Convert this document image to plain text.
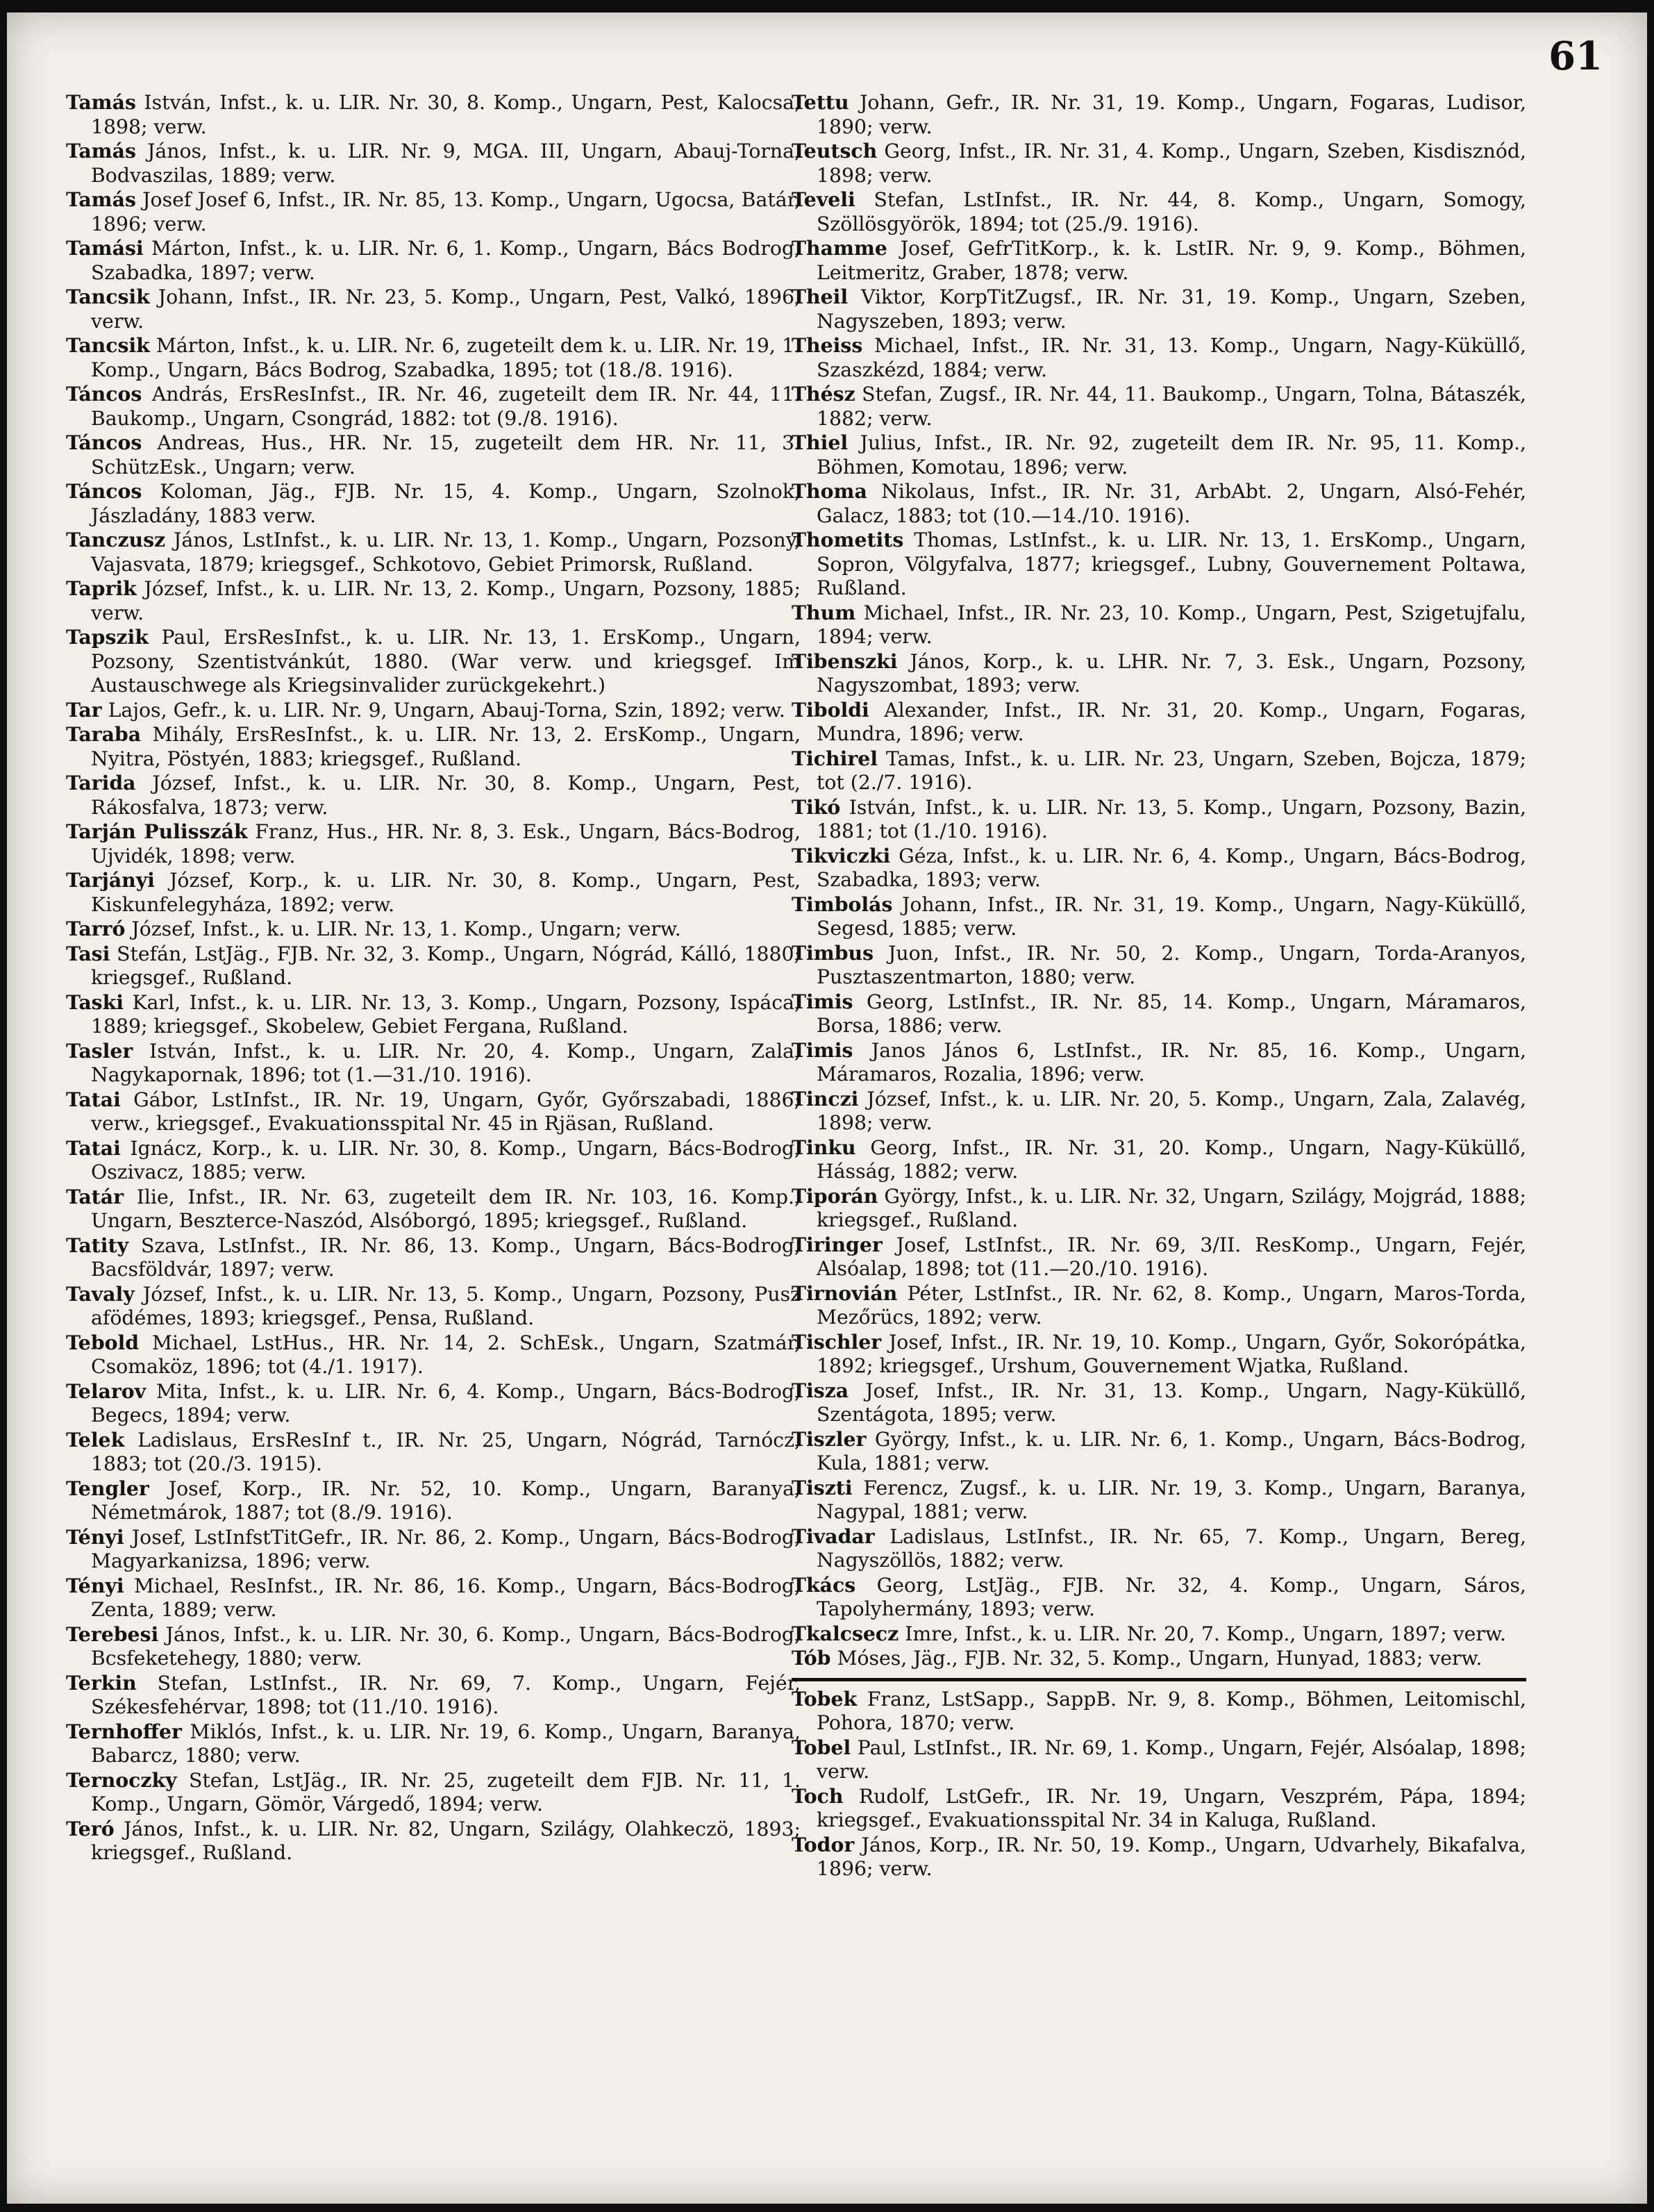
61

Tamás István, Infst., k. u. LIR. Nr. 30, 8. Komp., Ungarn, Pest, Kalocsa, 1898; verw.

Tamás János, Infst., k. u. LIR. Nr. 9, MGA. III, Ungarn, Abauj-Torna, Bodvaszilas, 1889; verw.

Tamás Josef Josef 6, Infst., IR. Nr. 85, 13. Komp., Ungarn, Ugocsa, Batár, 1896; verw.

Tamási Márton, Infst., k. u. LIR. Nr. 6, 1. Komp., Ungarn, Bács Bodrog, Szabadka, 1897; verw.

Tancsik Johann, Infst., IR. Nr. 23, 5. Komp., Ungarn, Pest, Valkó, 1896, verw.

Tancsik Márton, Infst., k. u. LIR. Nr. 6, zugeteilt dem k. u. LIR. Nr. 19, 1. Komp., Ungarn, Bács Bodrog, Szabadka, 1895; tot (18./8. 1916).

Táncos András, ErsResInfst., IR. Nr. 46, zugeteilt dem IR. Nr. 44, 11. Baukomp., Ungarn, Csongrád, 1882: tot (9./8. 1916).

Táncos Andreas, Hus., HR. Nr. 15, zugeteilt dem HR. Nr. 11, 3. SchützEsk., Ungarn; verw.

Táncos Koloman, Jäg., FJB. Nr. 15, 4. Komp., Ungarn, Szolnok, Jászladány, 1883 verw.

Tanczusz János, LstInfst., k. u. LIR. Nr. 13, 1. Komp., Ungarn, Pozsony, Vajasvata, 1879; kriegsgef., Schkotovo, Gebiet Primorsk, Rußland.

Taprik József, Infst., k. u. LIR. Nr. 13, 2. Komp., Ungarn, Pozsony, 1885; verw.

Tapszik Paul, ErsResInfst., k. u. LIR. Nr. 13, 1. ErsKomp., Ungarn, Pozsony, Szentistvánkút, 1880. (War verw. und kriegsgef. Im Austauschwege als Kriegsinvalider zurückgekehrt.)

Tar Lajos, Gefr., k. u. LIR. Nr. 9, Ungarn, Abauj-Torna, Szin, 1892; verw.

Taraba Mihály, ErsResInfst., k. u. LIR. Nr. 13, 2. ErsKomp., Ungarn, Nyitra, Pöstyén, 1883; kriegsgef., Rußland.

Tarida József, Infst., k. u. LIR. Nr. 30, 8. Komp., Ungarn, Pest, Rákosfalva, 1873; verw.

Tarján Pulisszák Franz, Hus., HR. Nr. 8, 3. Esk., Ungarn, Bács-Bodrog, Ujvidék, 1898; verw.

Tarjányi József, Korp., k. u. LIR. Nr. 30, 8. Komp., Ungarn, Pest, Kiskunfelegyháza, 1892; verw.

Tarró József, Infst., k. u. LIR. Nr. 13, 1. Komp., Ungarn; verw.

Tasi Stefán, LstJäg., FJB. Nr. 32, 3. Komp., Ungarn, Nógrád, Kálló, 1880; kriegsgef., Rußland.

Taski Karl, Infst., k. u. LIR. Nr. 13, 3. Komp., Ungarn, Pozsony, Ispáca, 1889; kriegsgef., Skobelew, Gebiet Fergana, Rußland.

Tasler István, Infst., k. u. LIR. Nr. 20, 4. Komp., Ungarn, Zala, Nagykapornak, 1896; tot (1.—31./10. 1916).

Tatai Gábor, LstInfst., IR. Nr. 19, Ungarn, Győr, Győrszabadi, 1886; verw., kriegsgef., Evakuationsspital Nr. 45 in Rjäsan, Rußland.

Tatai Ignácz, Korp., k. u. LIR. Nr. 30, 8. Komp., Ungarn, Bács-Bodrog, Oszivacz, 1885; verw.

Tatár Ilie, Infst., IR. Nr. 63, zugeteilt dem IR. Nr. 103, 16. Komp., Ungarn, Beszterce-Naszód, Alsóborgó, 1895; kriegsgef., Rußland.

Tatity Szava, LstInfst., IR. Nr. 86, 13. Komp., Ungarn, Bács-Bodrog, Bacsföldvár, 1897; verw.

Tavaly József, Infst., k. u. LIR. Nr. 13, 5. Komp., Ungarn, Pozsony, Pusz afödémes, 1893; kriegsgef., Pensa, Rußland.

Tebold Michael, LstHus., HR. Nr. 14, 2. SchEsk., Ungarn, Szatmár, Csomaköz, 1896; tot (4./1. 1917).

Telarov Mita, Infst., k. u. LIR. Nr. 6, 4. Komp., Ungarn, Bács-Bodrog, Begecs, 1894; verw.

Telek Ladislaus, ErsResInf t., IR. Nr. 25, Ungarn, Nógrád, Tarnócz, 1883; tot (20./3. 1915).

Tengler Josef, Korp., IR. Nr. 52, 10. Komp., Ungarn, Baranya, Németmárok, 1887; tot (8./9. 1916).

Tényi Josef, LstInfstTitGefr., IR. Nr. 86, 2. Komp., Ungarn, Bács-Bodrog, Magyarkanizsa, 1896; verw.

Tényi Michael, ResInfst., IR. Nr. 86, 16. Komp., Ungarn, Bács-Bodrog, Zenta, 1889; verw.

Terebesi János, Infst., k. u. LIR. Nr. 30, 6. Komp., Ungarn, Bács-Bodrog, Bcsfeketehegy, 1880; verw.

Terkin Stefan, LstInfst., IR. Nr. 69, 7. Komp., Ungarn, Fejér, Székesfehérvar, 1898; tot (11./10. 1916).

Ternhoffer Miklós, Infst., k. u. LIR. Nr. 19, 6. Komp., Ungarn, Baranya, Babarcz, 1880; verw.

Ternoczky Stefan, LstJäg., IR. Nr. 25, zugeteilt dem FJB. Nr. 11, 1. Komp., Ungarn, Gömör, Várgedő, 1894; verw.

Teró János, Infst., k. u. LIR. Nr. 82, Ungarn, Szilágy, Olahkeczö, 1893; kriegsgef., Rußland.

Tettu Johann, Gefr., IR. Nr. 31, 19. Komp., Ungarn, Fogaras, Ludisor, 1890; verw.

Teutsch Georg, Infst., IR. Nr. 31, 4. Komp., Ungarn, Szeben, Kisdisznód, 1898; verw.

Teveli Stefan, LstInfst., IR. Nr. 44, 8. Komp., Ungarn, Somogy, Szöllösgyörök, 1894; tot (25./9. 1916).

Thamme Josef, GefrTitKorp., k. k. LstIR. Nr. 9, 9. Komp., Böhmen, Leitmeritz, Graber, 1878; verw.

Theil Viktor, KorpTitZugsf., IR. Nr. 31, 19. Komp., Ungarn, Szeben, Nagyszeben, 1893; verw.

Theiss Michael, Infst., IR. Nr. 31, 13. Komp., Ungarn, Nagy-Küküllő, Szaszkézd, 1884; verw.

Thész Stefan, Zugsf., IR. Nr. 44, 11. Baukomp., Ungarn, Tolna, Bátaszék, 1882; verw.

Thiel Julius, Infst., IR. Nr. 92, zugeteilt dem IR. Nr. 95, 11. Komp., Böhmen, Komotau, 1896; verw.

Thoma Nikolaus, Infst., IR. Nr. 31, ArbAbt. 2, Ungarn, Alsó-Fehér, Galacz, 1883; tot (10.—14./10. 1916).

Thometits Thomas, LstInfst., k. u. LIR. Nr. 13, 1. ErsKomp., Ungarn, Sopron, Völgyfalva, 1877; kriegsgef., Lubny, Gouvernement Poltawa, Rußland.

Thum Michael, Infst., IR. Nr. 23, 10. Komp., Ungarn, Pest, Szigetujfalu, 1894; verw.

Tibenszki János, Korp., k. u. LHR. Nr. 7, 3. Esk., Ungarn, Pozsony, Nagyszombat, 1893; verw.

Tiboldi Alexander, Infst., IR. Nr. 31, 20. Komp., Ungarn, Fogaras, Mundra, 1896; verw.

Tichirel Tamas, Infst., k. u. LIR. Nr. 23, Ungarn, Szeben, Bojcza, 1879; tot (2./7. 1916).

Tikó István, Infst., k. u. LIR. Nr. 13, 5. Komp., Ungarn, Pozsony, Bazin, 1881; tot (1./10. 1916).

Tikviczki Géza, Infst., k. u. LIR. Nr. 6, 4. Komp., Ungarn, Bács-Bodrog, Szabadka, 1893; verw.

Timbolás Johann, Infst., IR. Nr. 31, 19. Komp., Ungarn, Nagy-Küküllő, Segesd, 1885; verw.

Timbus Juon, Infst., IR. Nr. 50, 2. Komp., Ungarn, Torda-Aranyos, Pusztaszentmarton, 1880; verw.

Timis Georg, LstInfst., IR. Nr. 85, 14. Komp., Ungarn, Máramaros, Borsa, 1886; verw.

Timis Janos János 6, LstInfst., IR. Nr. 85, 16. Komp., Ungarn, Máramaros, Rozalia, 1896; verw.

Tinczi József, Infst., k. u. LIR. Nr. 20, 5. Komp., Ungarn, Zala, Zalavég, 1898; verw.

Tinku Georg, Infst., IR. Nr. 31, 20. Komp., Ungarn, Nagy-Küküllő, Hásság, 1882; verw.

Tiporán György, Infst., k. u. LIR. Nr. 32, Ungarn, Szilágy, Mojgrád, 1888; kriegsgef., Rußland.

Tiringer Josef, LstInfst., IR. Nr. 69, 3/II. ResKomp., Ungarn, Fejér, Alsóalap, 1898; tot (11.—20./10. 1916).

Tirnovián Péter, LstInfst., IR. Nr. 62, 8. Komp., Ungarn, Maros-Torda, Mezőrücs, 1892; verw.

Tischler Josef, Infst., IR. Nr. 19, 10. Komp., Ungarn, Győr, Sokorópátka, 1892; kriegsgef., Urshum, Gouvernement Wjatka, Rußland.

Tisza Josef, Infst., IR. Nr. 31, 13. Komp., Ungarn, Nagy-Küküllő, Szentágota, 1895; verw.

Tiszler György, Infst., k. u. LIR. Nr. 6, 1. Komp., Ungarn, Bács-Bodrog, Kula, 1881; verw.

Tiszti Ferencz, Zugsf., k. u. LIR. Nr. 19, 3. Komp., Ungarn, Baranya, Nagypal, 1881; verw.

Tivadar Ladislaus, LstInfst., IR. Nr. 65, 7. Komp., Ungarn, Bereg, Nagyszöllös, 1882; verw.

Tkács Georg, LstJäg., FJB. Nr. 32, 4. Komp., Ungarn, Sáros, Tapolyhermány, 1893; verw.

Tkalcsecz Imre, Infst., k. u. LIR. Nr. 20, 7. Komp., Ungarn, 1897; verw.

Tób Móses, Jäg., FJB. Nr. 32, 5. Komp., Ungarn, Hunyad, 1883; verw.

Tobek Franz, LstSapp., SappB. Nr. 9, 8. Komp., Böhmen, Leitomischl, Pohora, 1870; verw.

Tobel Paul, LstInfst., IR. Nr. 69, 1. Komp., Ungarn, Fejér, Alsóalap, 1898; verw.

Toch Rudolf, LstGefr., IR. Nr. 19, Ungarn, Veszprém, Pápa, 1894; kriegsgef., Evakuationsspital Nr. 34 in Kaluga, Rußland.

Todor János, Korp., IR. Nr. 50, 19. Komp., Ungarn, Udvarhely, Bikafalva, 1896; verw.
